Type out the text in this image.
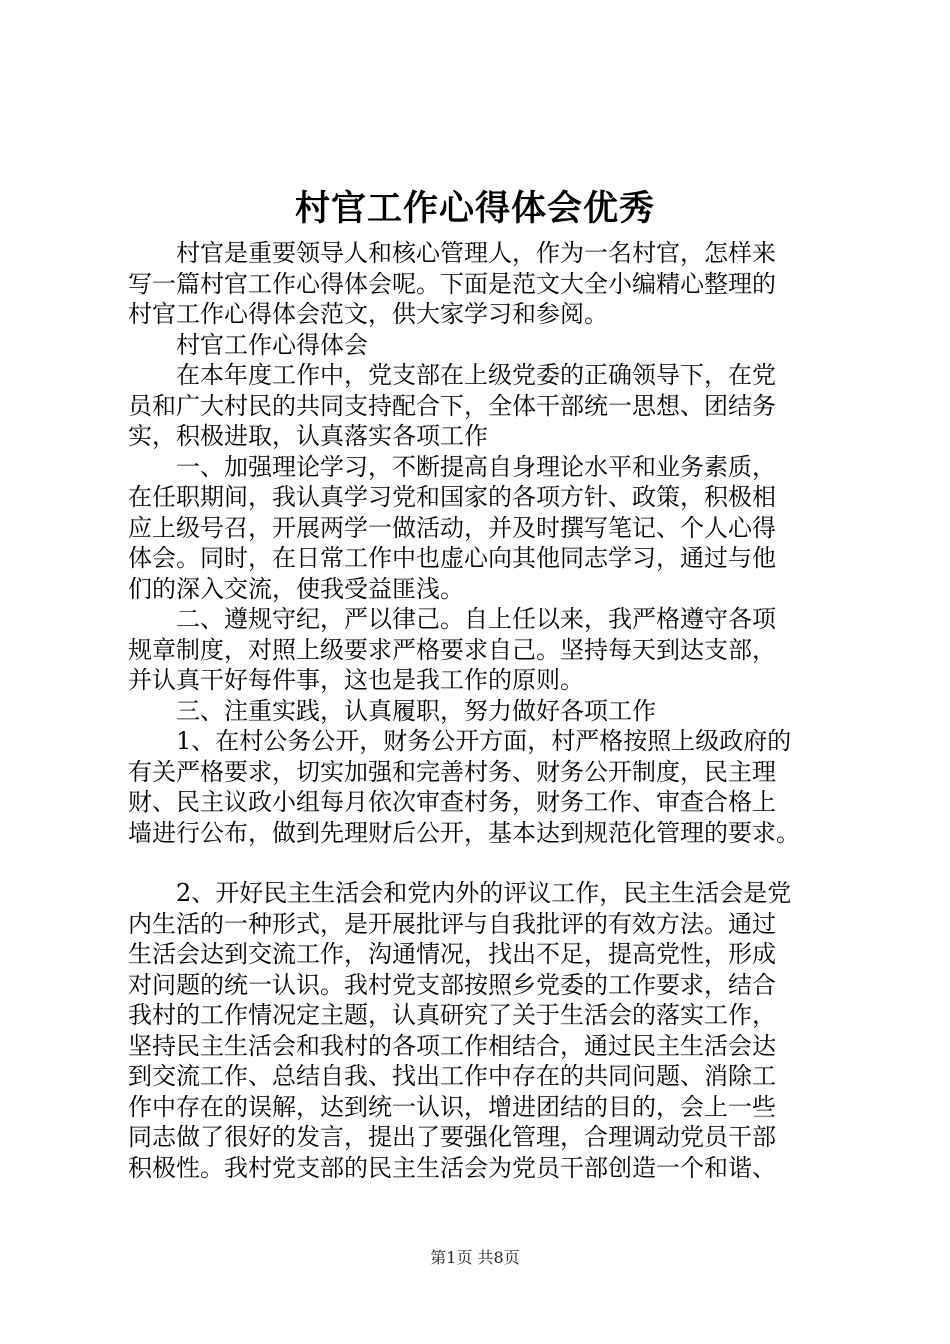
村官工作心得体会优秀
村官是重要领导人和核心管理人，作为一名村官，怎样来
写一篇村官工作心得体会呢。下面是范文大全小编精心整理的
村官工作心得体会范文，供大家学习和参阅。
村官工作心得体会
在本年度工作中，党支部在上级党委的正确领导下，在党
员和广大村民的共同支持配合下，全体干部统一思想、团结务
实，积极进取，认真落实各项工作
一、加强理论学习，不断提高自身理论水平和业务素质，
在任职期间，我认真学习党和国家的各项方针、政策，积极相
应上级号召，开展两学一做活动，并及时撰写笔记、个人心得
体会。同时，在日常工作中也虚心向其他同志学习，通过与他
们的深入交流，使我受益匪浅。
二、遵规守纪，严以律己。自上任以来，我严格遵守各项
规章制度，对照上级要求严格要求自己。坚持每天到达支部，
并认真干好每件事，这也是我工作的原则。
三、注重实践，认真履职，努力做好各项工作
1、在村公务公开，财务公开方面，村严格按照上级政府的
有关严格要求，切实加强和完善村务、财务公开制度，民主理
财、民主议政小组每月依次审查村务，财务工作、审查合格上
墙进行公布，做到先理财后公开，基本达到规范化管理的要求。
2、开好民主生活会和党内外的评议工作，民主生活会是党
内生活的一种形式，是开展批评与自我批评的有效方法。通过
生活会达到交流工作，沟通情况，找出不足，提高党性，形成
对问题的统一认识。我村党支部按照乡党委的工作要求，结合
我村的工作情况定主题，认真研究了关于生活会的落实工作，
坚持民主生活会和我村的各项工作相结合，通过民主生活会达
到交流工作、总结自我、找出工作中存在的共同问题、消除工
作中存在的误解，达到统一认识，增进团结的目的，会上一些
同志做了很好的发言，提出了要强化管理，合理调动党员干部
积极性。我村党支部的民主生活会为党员干部创造一个和谐、
第1页 共8页
